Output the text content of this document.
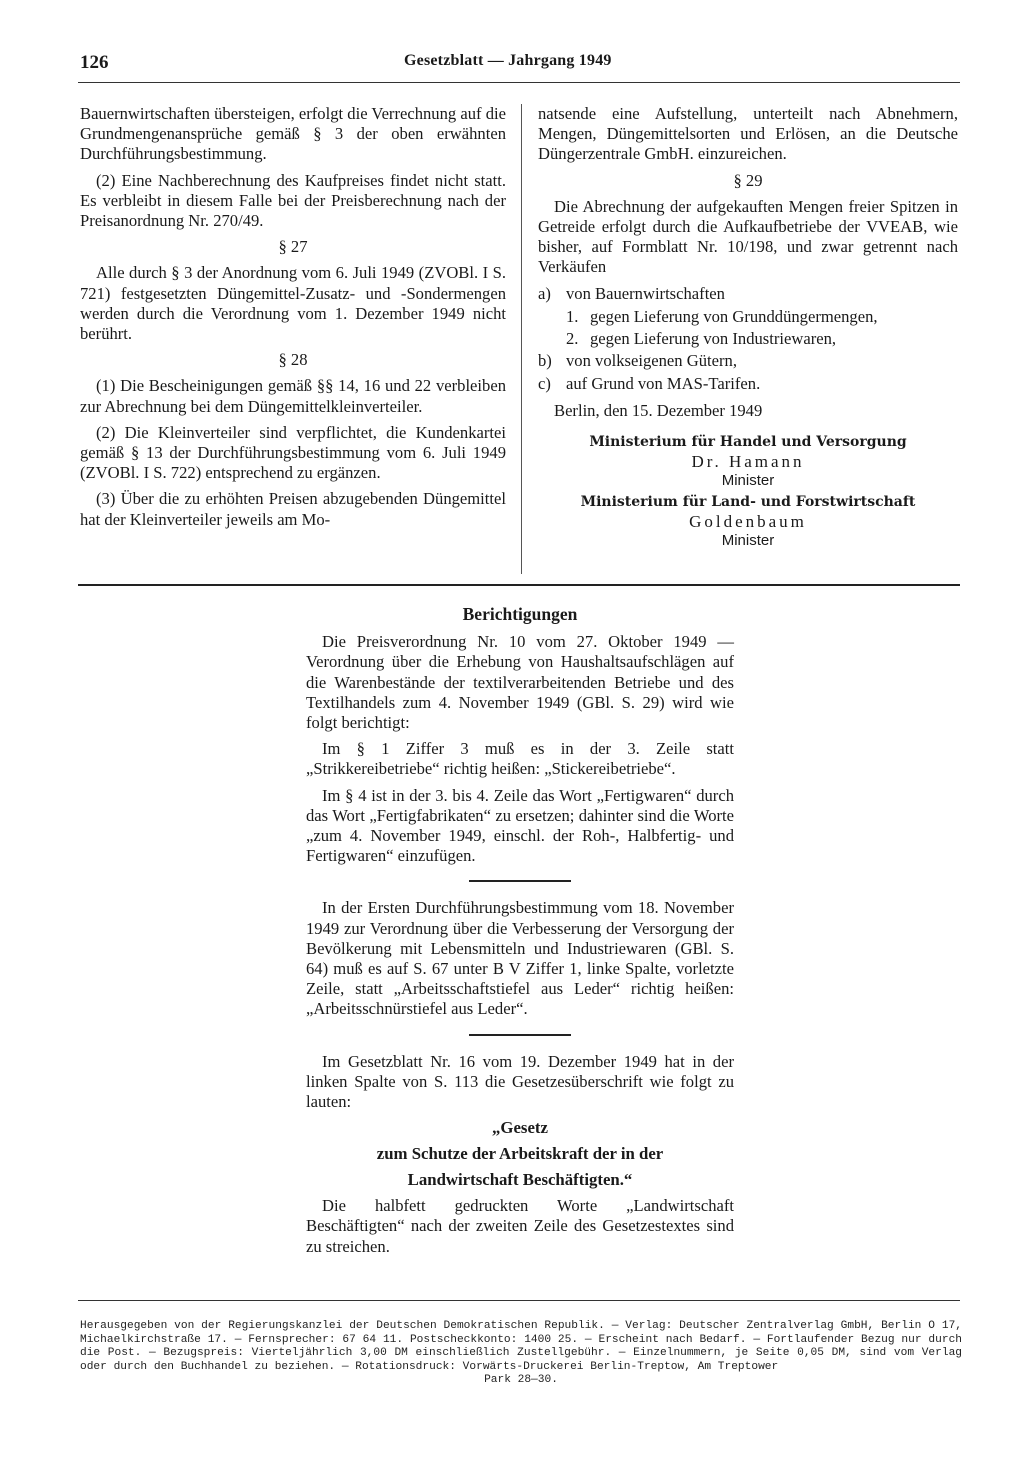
126	Gesetzblatt — Jahrgang 1949

Bauernwirtschaften übersteigen, erfolgt die Verrechnung auf die Grundmengenansprüche gemäß § 3 der oben erwähnten Durchführungsbestimmung.

(2) Eine Nachberechnung des Kaufpreises findet nicht statt. Es verbleibt in diesem Falle bei der Preisberechnung nach der Preisanordnung Nr. 270/49.

§ 27

Alle durch § 3 der Anordnung vom 6. Juli 1949 (ZVOBl. I S. 721) festgesetzten Düngemittel-Zusatz- und -Sondermengen werden durch die Verordnung vom 1. Dezember 1949 nicht berührt.

§ 28

(1) Die Bescheinigungen gemäß §§ 14, 16 und 22 verbleiben zur Abrechnung bei dem Düngemittelkleinverteiler.

(2) Die Kleinverteiler sind verpflichtet, die Kundenkartei gemäß § 13 der Durchführungsbestimmung vom 6. Juli 1949 (ZVOBl. I S. 722) entsprechend zu ergänzen.

(3) Über die zu erhöhten Preisen abzugebenden Düngemittel hat der Kleinverteiler jeweils am Mo-

natsende eine Aufstellung, unterteilt nach Abnehmern, Mengen, Düngemittelsorten und Erlösen, an die Deutsche Düngerzentrale GmbH. einzureichen.

§ 29

Die Abrechnung der aufgekauften Mengen freier Spitzen in Getreide erfolgt durch die Aufkaufbetriebe der VVEAB, wie bisher, auf Formblatt Nr. 10/198, und zwar getrennt nach Verkäufen

a) von Bauernwirtschaften

1. gegen Lieferung von Grunddüngermengen,
2. gegen Lieferung von Industriewaren,

b) von volkseigenen Gütern,

c) auf Grund von MAS-Tarifen.

Berlin, den 15. Dezember 1949

Ministerium für Handel und Versorgung
Dr. Hamann
Minister
Ministerium für Land- und Forstwirtschaft
Goldenbaum
Minister
Berichtigungen

Die Preisverordnung Nr. 10 vom 27. Oktober 1949 — Verordnung über die Erhebung von Haushaltsaufschlägen auf die Warenbestände der textilverarbeitenden Betriebe und des Textilhandels zum 4. November 1949 (GBl. S. 29) wird wie folgt berichtigt:

Im § 1 Ziffer 3 muß es in der 3. Zeile statt „Strikkereibetriebe“ richtig heißen: „Stickereibetriebe“.

Im § 4 ist in der 3. bis 4. Zeile das Wort „Fertigwaren“ durch das Wort „Fertigfabrikaten“ zu ersetzen; dahinter sind die Worte „zum 4. November 1949, einschl. der Roh-, Halbfertig- und Fertigwaren“ einzufügen.

In der Ersten Durchführungsbestimmung vom 18. November 1949 zur Verordnung über die Verbesserung der Versorgung der Bevölkerung mit Lebensmitteln und Industriewaren (GBl. S. 64) muß es auf S. 67 unter B V Ziffer 1, linke Spalte, vorletzte Zeile, statt „Arbeitsschaftstiefel aus Leder“ richtig heißen: „Arbeitsschnürstiefel aus Leder“.

Im Gesetzblatt Nr. 16 vom 19. Dezember 1949 hat in der linken Spalte von S. 113 die Gesetzesüberschrift wie folgt zu lauten:

„Gesetz

zum Schutze der Arbeitskraft der in der

Landwirtschaft Beschäftigten.“

Die halbfett gedruckten Worte „Landwirtschaft Beschäftigten“ nach der zweiten Zeile des Gesetzestextes sind zu streichen.

Herausgegeben von der Regierungskanzlei der Deutschen Demokratischen Republik. — Verlag: Deutscher Zentralverlag GmbH, Berlin O 17, Michaelkirchstraße 17. — Fernsprecher: 67 64 11. Postscheckkonto: 1400 25. — Erscheint nach Bedarf. — Fortlaufender Bezug nur durch die Post. — Bezugspreis: Vierteljährlich 3,00 DM einschließlich Zustellgebühr. — Einzelnummern, je Seite 0,05 DM, sind vom Verlag oder durch den Buchhandel zu beziehen. — Rotationsdruck: Vorwärts-Druckerei Berlin-Treptow, Am Treptower
Park 28—30.
